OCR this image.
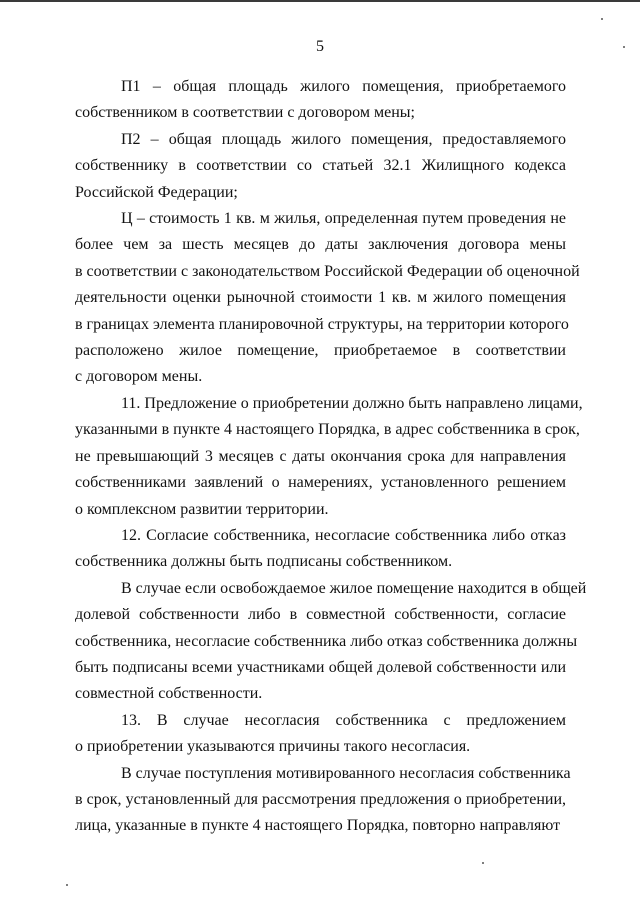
5
П1 – общая площадь жилого помещения, приобретаемого
собственником в соответствии с договором мены;
П2 – общая площадь жилого помещения, предоставляемого
собственнику в соответствии со статьей 32.1 Жилищного кодекса
Российской Федерации;
Ц – стоимость 1 кв. м жилья, определенная путем проведения не
более чем за шесть месяцев до даты заключения договора мены
в соответствии с законодательством Российской Федерации об оценочной
деятельности оценки рыночной стоимости 1 кв. м жилого помещения
в границах элемента планировочной структуры, на территории которого
расположено жилое помещение, приобретаемое в соответствии
с договором мены.
11. Предложение о приобретении должно быть направлено лицами,
указанными в пункте 4 настоящего Порядка, в адрес собственника в срок,
не превышающий 3 месяцев с даты окончания срока для направления
собственниками заявлений о намерениях, установленного решением
о комплексном развитии территории.
12. Согласие собственника, несогласие собственника либо отказ
собственника должны быть подписаны собственником.
В случае если освобождаемое жилое помещение находится в общей
долевой собственности либо в совместной собственности, согласие
собственника, несогласие собственника либо отказ собственника должны
быть подписаны всеми участниками общей долевой собственности или
совместной собственности.
13. В случае несогласия собственника с предложением
о приобретении указываются причины такого несогласия.
В случае поступления мотивированного несогласия собственника
в срок, установленный для рассмотрения предложения о приобретении,
лица, указанные в пункте 4 настоящего Порядка, повторно направляют
